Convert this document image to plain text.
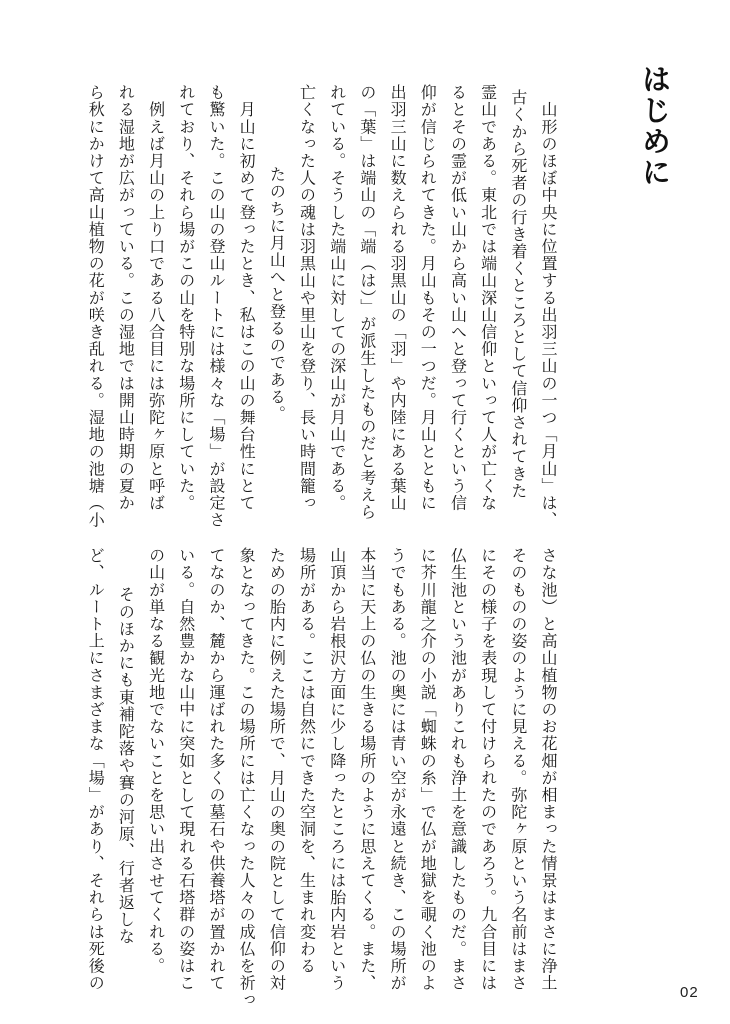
はじめに
　山形のほぼ中央に位置する出羽三山の一つ「月山」は、
古くから死者の行き着くところとして信仰されてきた
霊山である。東北では端山深山信仰といって人が亡くな
るとその霊が低い山から高い山へと登って行くという信
仰が信じられてきた。月山もその一つだ。月山とともに
出羽三山に数えられる羽黒山の「羽」や内陸にある葉山
の「葉」は端山の「端（は）」が派生したものだと考えら
れている。そうした端山に対しての深山が月山である。
亡くなった人の魂は羽黒山や里山を登り、長い時間籠っ
たのちに月山へと登るのである。
　月山に初めて登ったとき、私はこの山の舞台性にとて
も驚いた。この山の登山ルートには様々な「場」が設定さ
れており、それら場がこの山を特別な場所にしていた。
　例えば月山の上り口である八合目には弥陀ヶ原と呼ば
れる湿地が広がっている。この湿地では開山時期の夏か
ら秋にかけて高山植物の花が咲き乱れる。湿地の池塘（小
さな池）と高山植物のお花畑が相まった情景はまさに浄土
そのものの姿のように見える。弥陀ヶ原という名前はまさ
にその様子を表現して付けられたのであろう。九合目には
仏生池という池がありこれも浄土を意識したものだ。まさ
に芥川龍之介の小説「蜘蛛の糸」で仏が地獄を覗く池のよ
うでもある。池の奥には青い空が永遠と続き、この場所が
本当に天上の仏の生きる場所のように思えてくる。また、
山頂から岩根沢方面に少し降ったところには胎内岩という
場所がある。ここは自然にできた空洞を、生まれ変わる
ための胎内に例えた場所で、月山の奥の院として信仰の対
象となってきた。この場所には亡くなった人々の成仏を祈っ
てなのか、麓から運ばれた多くの墓石や供養塔が置かれて
いる。自然豊かな山中に突如として現れる石塔群の姿はこ
の山が単なる観光地でないことを思い出させてくれる。
　そのほかにも東補陀落や賽の河原、行者返しな
ど、ルート上にさまざまな「場」があり、それらは死後の
02
